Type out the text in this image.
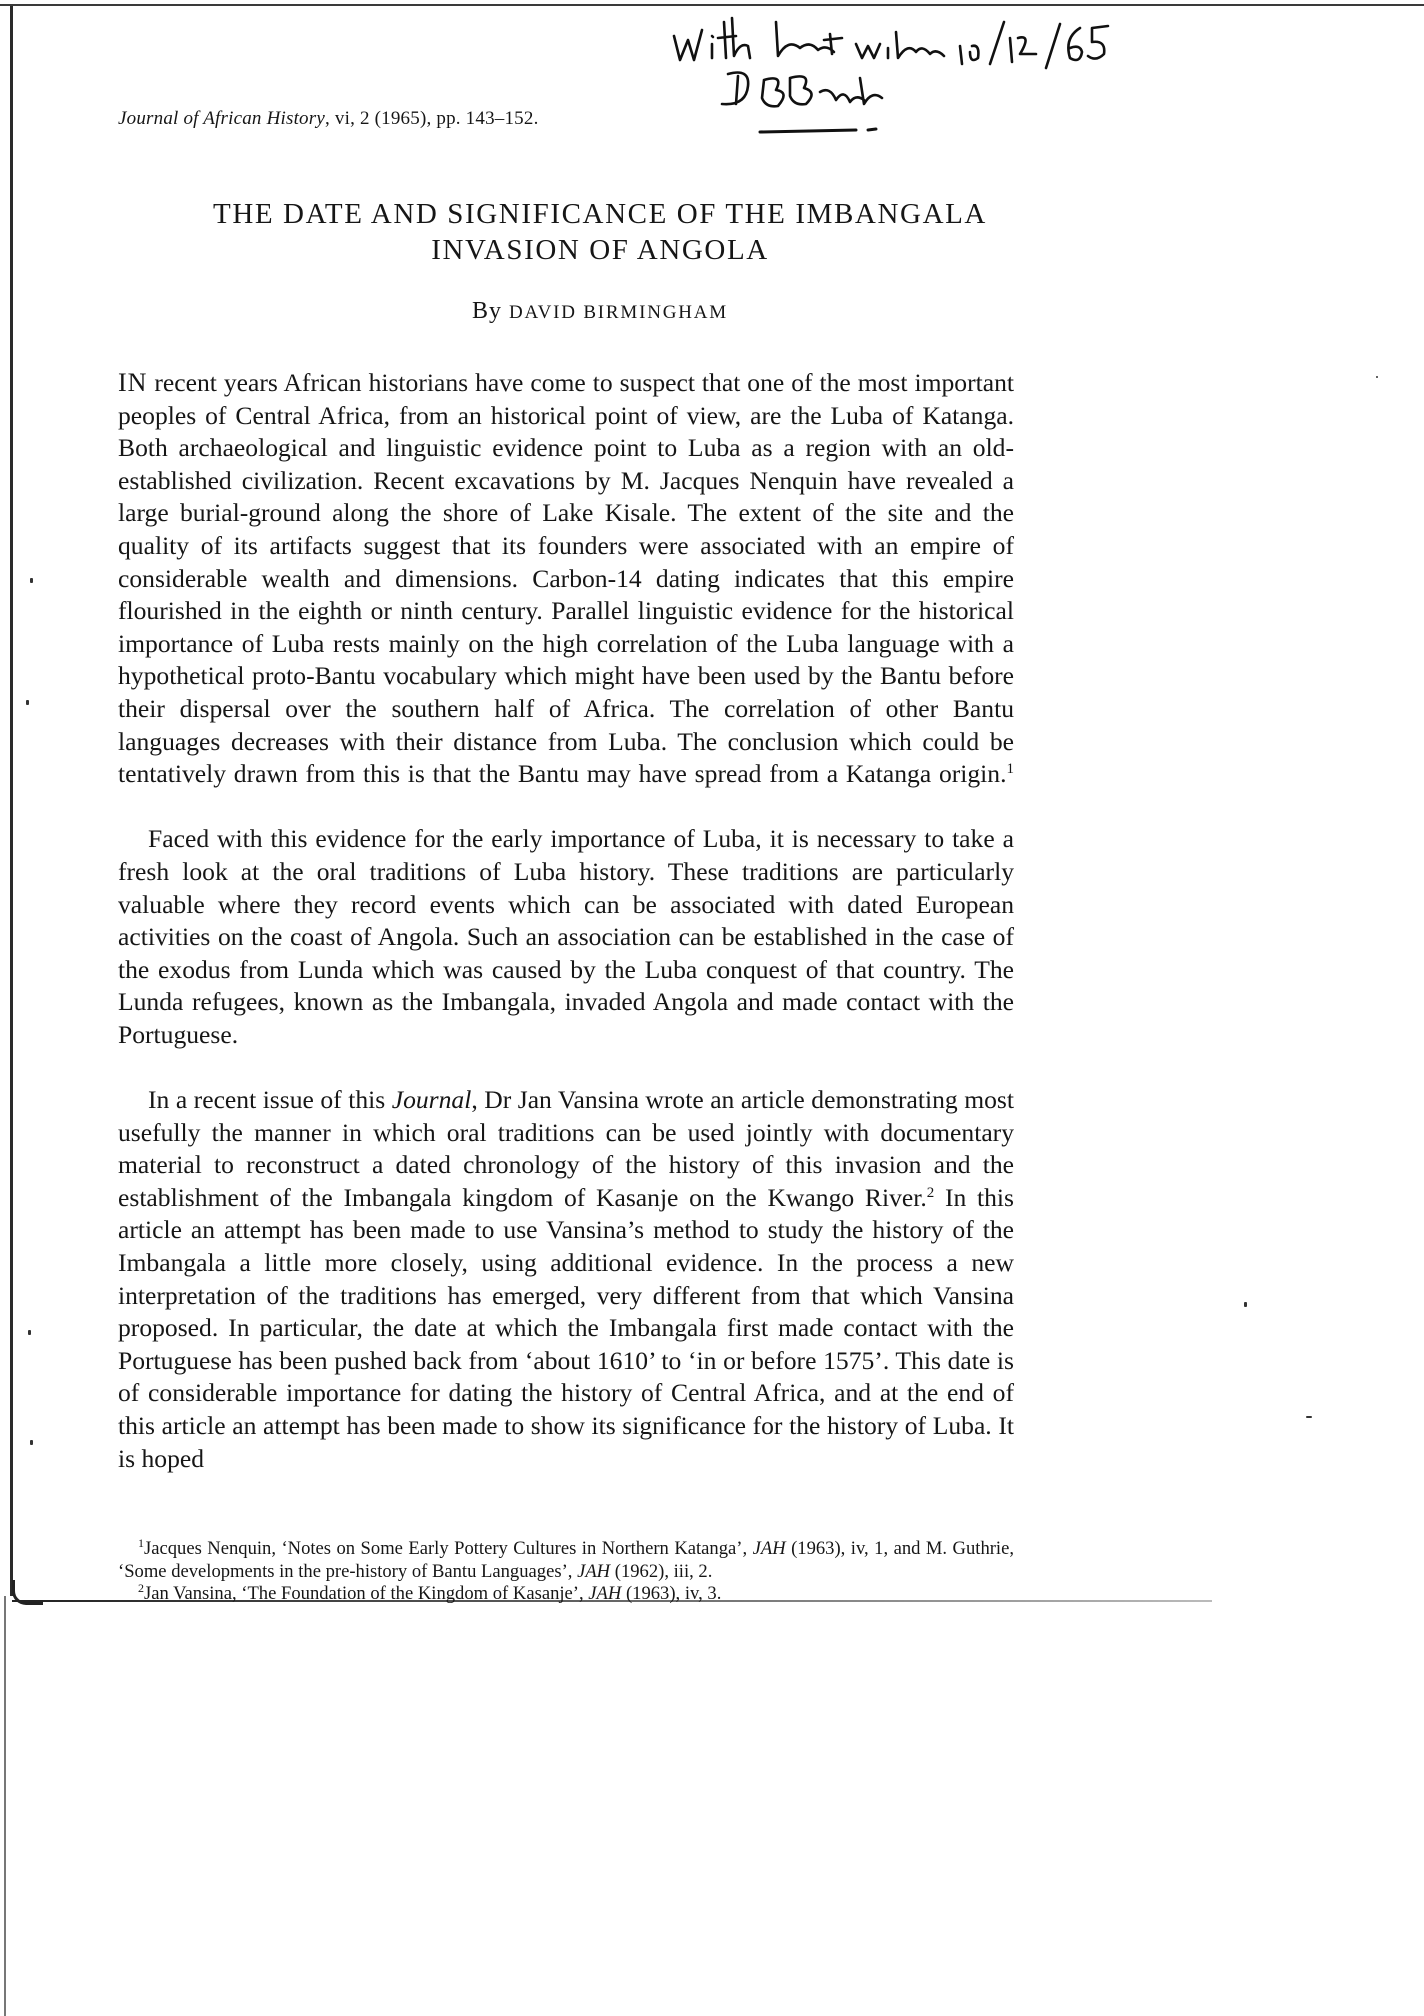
Journal of African History, vi, 2 (1965), pp. 143–152.
THE DATE AND SIGNIFICANCE OF THE IMBANGALA
INVASION OF ANGOLA
By DAVID BIRMINGHAM

IN recent years African historians have come to suspect that one of the most important peoples of Central Africa, from an historical point of view, are the Luba of Katanga. Both archaeological and linguistic evidence point to Luba as a region with an old-established civilization. Recent excavations by M. Jacques Nenquin have revealed a large burial-ground along the shore of Lake Kisale. The extent of the site and the quality of its artifacts suggest that its founders were associated with an empire of considerable wealth and dimensions. Carbon-14 dating indicates that this empire flourished in the eighth or ninth century. Parallel linguistic evidence for the historical importance of Luba rests mainly on the high correlation of the Luba language with a hypothetical proto-Bantu vocabulary which might have been used by the Bantu before their dispersal over the southern half of Africa. The correlation of other Bantu languages decreases with their distance from Luba. The conclusion which could be tentatively drawn from this is that the Bantu may have spread from a Katanga origin.$^1$

Faced with this evidence for the early importance of Luba, it is necessary to take a fresh look at the oral traditions of Luba history. These traditions are particularly valuable where they record events which can be associated with dated European activities on the coast of Angola. Such an association can be established in the case of the exodus from Lunda which was caused by the Luba conquest of that country. The Lunda refugees, known as the Imbangala, invaded Angola and made contact with the Portuguese.

In a recent issue of this Journal, Dr Jan Vansina wrote an article demonstrating most usefully the manner in which oral traditions can be used jointly with documentary material to reconstruct a dated chronology of the history of this invasion and the establishment of the Imbangala kingdom of Kasanje on the Kwango River.$^2$ In this article an attempt has been made to use Vansina’s method to study the history of the Imbangala a little more closely, using additional evidence. In the process a new interpretation of the traditions has emerged, very different from that which Vansina proposed. In particular, the date at which the Imbangala first made contact with the Portuguese has been pushed back from ‘about 1610’ to ‘in or before 1575’. This date is of considerable importance for dating the history of Central Africa, and at the end of this article an attempt has been made to show its significance for the history of Luba. It is hoped

$^1$Jacques Nenquin, ‘Notes on Some Early Pottery Cultures in Northern Katanga’, JAH (1963), iv, 1, and M. Guthrie, ‘Some developments in the pre-history of Bantu Languages’, JAH (1962), iii, 2.

$^2$Jan Vansina, ‘The Foundation of the Kingdom of Kasanje’, JAH (1963), iv, 3.
